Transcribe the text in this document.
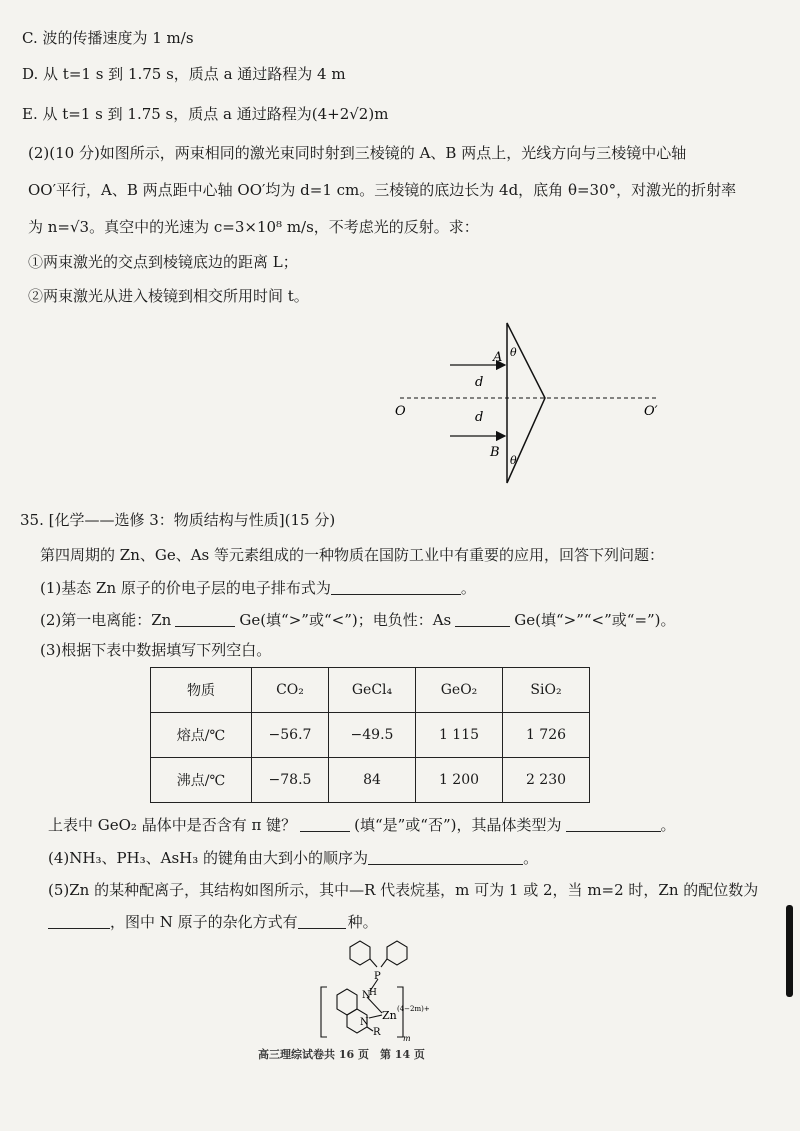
C. 波的传播速度为 1 m/s
D. 从 t=1 s 到 1.75 s，质点 a 通过路程为 4 m
E. 从 t=1 s 到 1.75 s，质点 a 通过路程为(4+2√2)m
(2)(10 分)如图所示，两束相同的激光束同时射到三棱镜的 A、B 两点上，光线方向与三棱镜中心轴
OO′平行，A、B 两点距中心轴 OO′均为 d=1 cm。三棱镜的底边长为 4d，底角 θ=30°，对激光的折射率
为 n=√3。真空中的光速为 c=3×10⁸ m/s，不考虑光的反射。求：
①两束激光的交点到棱镜底边的距离 L；
②两束激光从进入棱镜到相交所用时间 t。
A
B
d
d
O	O′
θ
θ
35. [化学——选修 3：物质结构与性质](15 分)
第四周期的 Zn、Ge、As 等元素组成的一种物质在国防工业中有重要的应用，回答下列问题：
(1)基态 Zn 原子的价电子层的电子排布式为	。
(2)第一电离能：Zn	Ge(填“>”或“<”)；电负性：As	Ge(填“>”“<”或“=”)。
(3)根据下表中数据填写下列空白。
物质	CO₂	GeCl₄	GeO₂	SiO₂
熔点/℃	−56.7	−49.5	1 115	1 726
沸点/℃	−78.5	84	1 200	2 230
上表中 GeO₂ 晶体中是否含有 π 键？	(填“是”或“否”)，其晶体类型为	。
(4)NH₃、PH₃、AsH₃ 的键角由大到小的顺序为	。
(5)Zn 的某种配离子，其结构如图所示，其中—R 代表烷基，m 可为 1 或 2，当 m=2 时，Zn 的配位数为
，图中 N 原子的杂化方式有	种。
P
N
H
N
R
Zn (4−2m)+
m
高三理综试卷共 16 页　第 14 页
